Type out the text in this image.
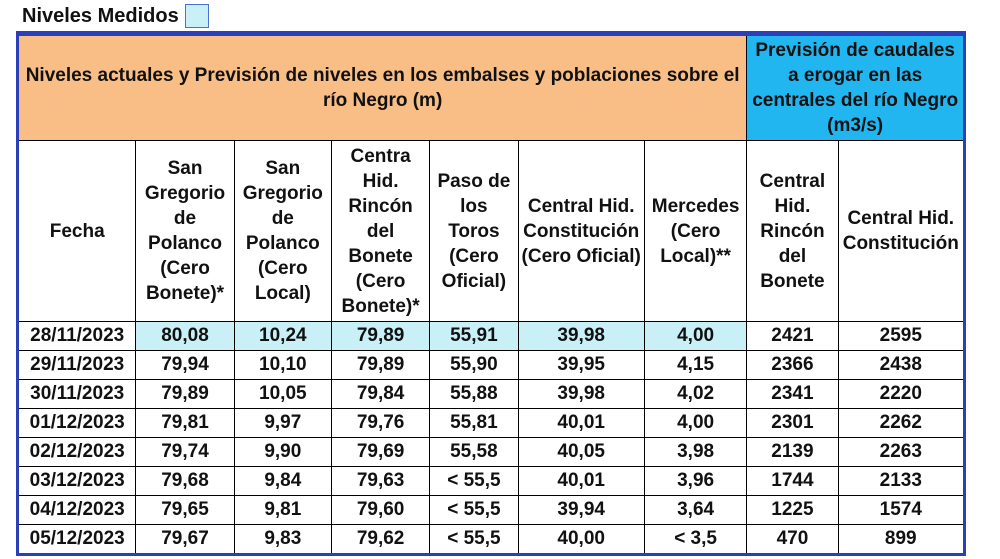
Niveles Medidos
Niveles actuales y Previsión de niveles en los embalses y poblaciones sobre el río Negro (m)							Previsión de caudales a erogar en las centrales del río Negro (m3/s)	
Fecha	San Gregorio de Polanco (Cero Bonete)*	San Gregorio de Polanco (Cero Local)	Centra Hid. Rincón del Bonete (Cero Bonete)*	Paso de los Toros (Cero Oficial)	Central Hid. Constitución (Cero Oficial)	Mercedes (Cero Local)**	Central Hid. Rincón del Bonete	Central Hid. Constitución
28/11/2023	80,08	10,24	79,89	55,91	39,98	4,00	2421	2595
29/11/2023	79,94	10,10	79,89	55,90	39,95	4,15	2366	2438
30/11/2023	79,89	10,05	79,84	55,88	39,98	4,02	2341	2220
01/12/2023	79,81	9,97	79,76	55,81	40,01	4,00	2301	2262
02/12/2023	79,74	9,90	79,69	55,58	40,05	3,98	2139	2263
03/12/2023	79,68	9,84	79,63	< 55,5	40,01	3,96	1744	2133
04/12/2023	79,65	9,81	79,60	< 55,5	39,94	3,64	1225	1574
05/12/2023	79,67	9,83	79,62	< 55,5	40,00	< 3,5	470	899
